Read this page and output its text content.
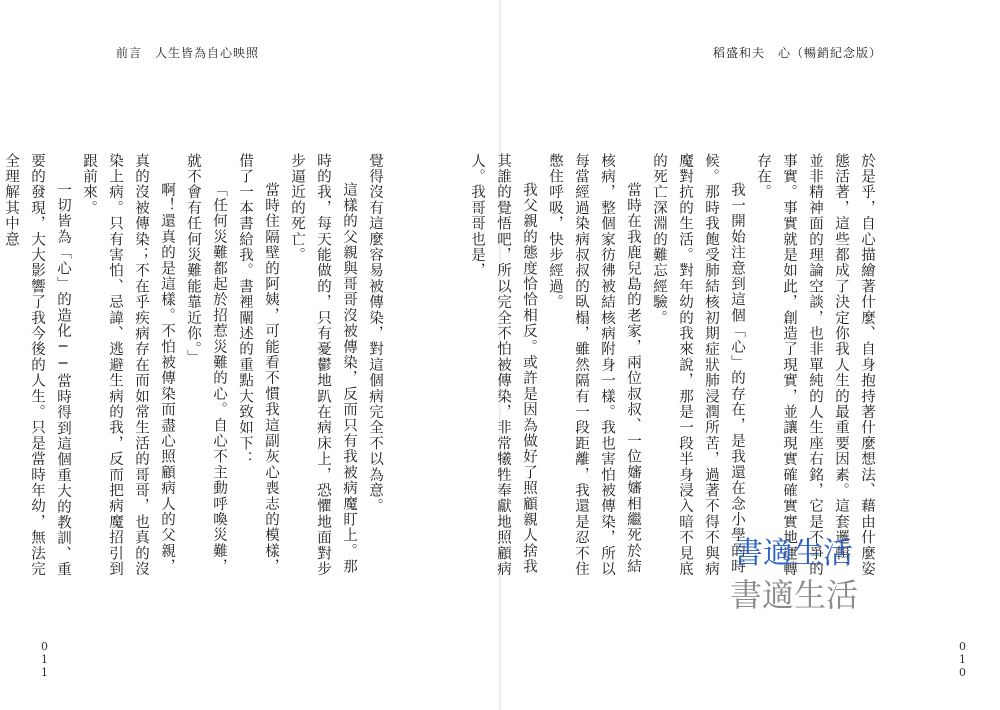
前言　人生皆為自心映照	稻盛和夫　心（暢銷紀念版）

覺得沒有這麼容易被傳染，對這個病完全不以為意。

這樣的父親與哥哥沒被傳染，反而只有我被病魔盯上。那時的我，每天能做的，只有憂鬱地趴在病床上，恐懼地面對步步逼近的死亡。

當時住隔壁的阿姨，可能看不慣我這副灰心喪志的模樣，借了一本書給我。書裡闡述的重點大致如下：

「任何災難都起於招惹災難的心。自心不主動呼喚災難，就不會有任何災難能靠近你。」

啊！還真的是這樣。不怕被傳染而盡心照顧病人的父親，真的沒被傳染；不在乎疾病存在而如常生活的哥哥，也真的沒染上病。只有害怕、忌諱、逃避生病的我，反而把病魔招引到跟前來。

一切皆為「心」的造化──當時得到這個重大的教訓、重要的發現，大大影響了我今後的人生。只是當時年幼，無法完全理解其中意	於是乎，自心描繪著什麼、自身抱持著什麼想法、藉由什麼姿態活著，這些都成了決定你我人生的最重要因素。這套邏輯，並非精神面的理論空談，也非單純的人生座右銘，它是不爭的事實。事實就是如此，創造了現實，並讓現實確確實實地運轉存在。

我一開始注意到這個「心」的存在，是我還在念小學的時候。那時我飽受肺結核初期症狀肺浸潤所苦，過著不得不與病魔對抗的生活。對年幼的我來說，那是一段半身浸入暗不見底的死亡深淵的難忘經驗。

當時在我鹿兒島的老家，兩位叔叔、一位嬸嬸相繼死於結核病，整個家彷彿被結核病附身一樣。我也害怕被傳染，所以每當經過染病叔叔的臥榻，雖然隔有一段距離，我還是忍不住憋住呼吸，快步經過。

我父親的態度恰恰相反。或許是因為做好了照顧親人捨我其誰的覺悟吧，所以完全不怕被傳染，非常犧牲奉獻地照顧病人。我哥哥也是，

011	010
書適生活
書適生活
